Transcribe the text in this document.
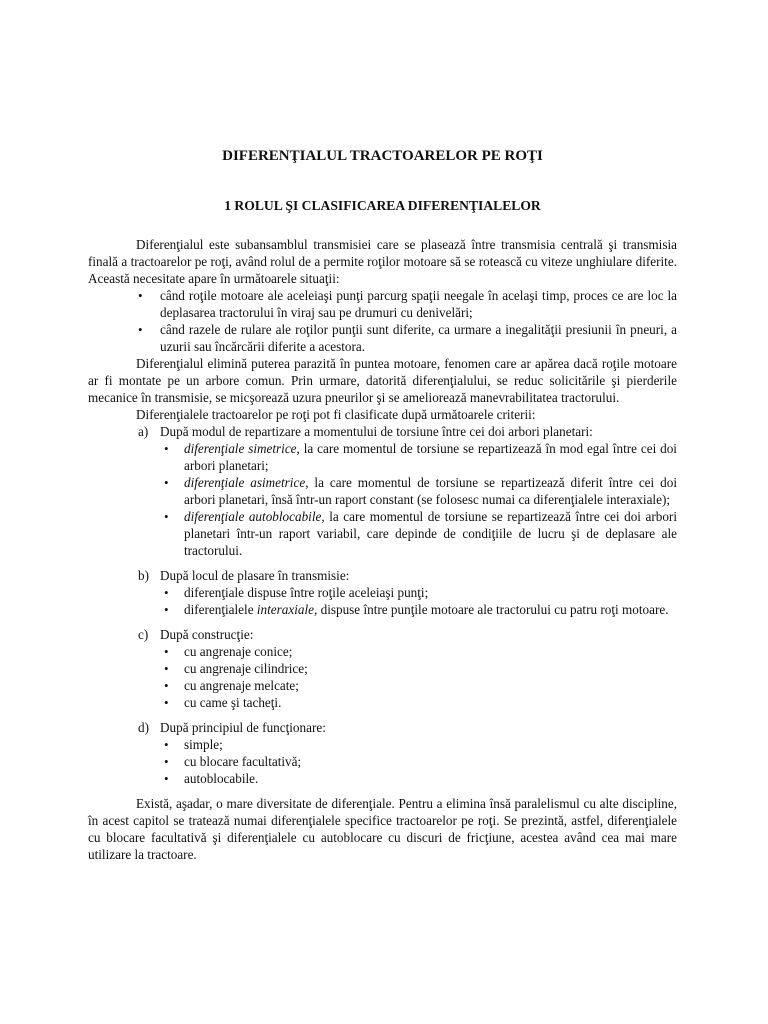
DIFERENŢIALUL TRACTOARELOR PE ROŢI
1 ROLUL ŞI CLASIFICAREA DIFERENŢIALELOR

Diferenţialul este subansamblul transmisiei care se plasează între transmisia centrală şi transmisia finală a tractoarelor pe roţi, având rolul de a permite roţilor motoare să se rotească cu viteze unghiulare diferite. Această necesitate apare în următoarele situaţii:

• când roţile motoare ale aceleiaşi punţi parcurg spaţii neegale în acelaşi timp, proces ce are loc la deplasarea tractorului în viraj sau pe drumuri cu denivelări;
• când razele de rulare ale roţilor punţii sunt diferite, ca urmare a inegalităţii presiunii în pneuri, a uzurii sau încărcării diferite a acestora.

Diferenţialul elimină puterea parazită în puntea motoare, fenomen care ar apărea dacă roţile motoare ar fi montate pe un arbore comun. Prin urmare, datorită diferenţialului, se reduc solicitările şi pierderile mecanice în transmisie, se micşorează uzura pneurilor şi se ameliorează manevrabilitatea tractorului.

Diferenţialele tractoarelor pe roţi pot fi clasificate după următoarele criterii:

a) După modul de repartizare a momentului de torsiune între cei doi arbori planetari:
• diferenţiale simetrice, la care momentul de torsiune se repartizează în mod egal între cei doi arbori planetari;
• diferenţiale asimetrice, la care momentul de torsiune se repartizează diferit între cei doi arbori planetari, însă într-un raport constant (se folosesc numai ca diferenţialele interaxiale);
• diferenţiale autoblocabile, la care momentul de torsiune se repartizează între cei doi arbori planetari într-un raport variabil, care depinde de condiţiile de lucru şi de deplasare ale tractorului.
b) După locul de plasare în transmisie:
• diferenţiale dispuse între roţile aceleiaşi punţi;
• diferenţialele interaxiale, dispuse între punţile motoare ale tractorului cu patru roţi motoare.
c) După construcţie:
• cu angrenaje conice;
• cu angrenaje cilindrice;
• cu angrenaje melcate;
• cu came şi tacheţi.
d) După principiul de funcţionare:
• simple;
• cu blocare facultativă;
• autoblocabile.

Există, aşadar, o mare diversitate de diferenţiale. Pentru a elimina însă paralelismul cu alte discipline, în acest capitol se tratează numai diferenţialele specifice tractoarelor pe roţi. Se prezintă, astfel, diferenţialele cu blocare facultativă şi diferenţialele cu autoblocare cu discuri de fricţiune, acestea având cea mai mare utilizare la tractoare.
